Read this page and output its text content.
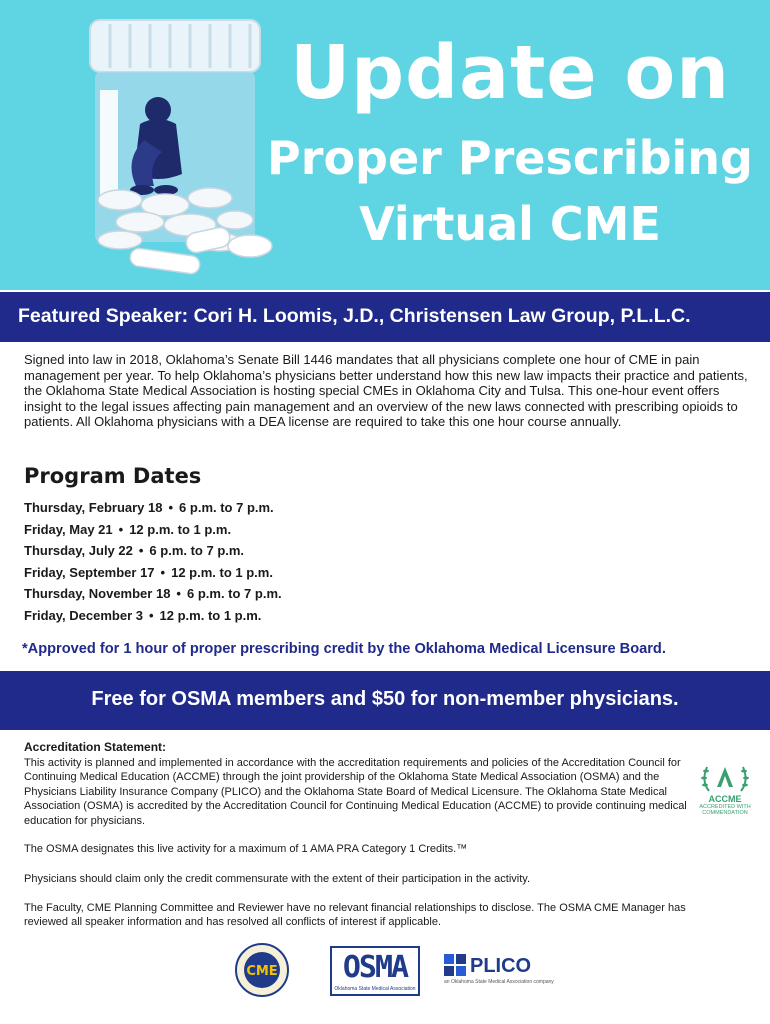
Update on
Proper Prescribing
Virtual CME
Featured Speaker: Cori H. Loomis, J.D., Christensen Law Group, P.L.L.C.

Signed into law in 2018, Oklahoma’s Senate Bill 1446 mandates that all physicians complete one hour of CME in pain management per year. To help Oklahoma’s physicians better understand how this new law impacts their practice and patients, the Oklahoma State Medical Association is hosting special CMEs in Oklahoma City and Tulsa. This one-hour event offers insight to the legal issues affecting pain management and an overview of the new laws connected with prescribing opioids to patients. All Oklahoma physicians with a DEA license are required to take this one hour course annually.

Program Dates
Thursday, February 18 • 6 p.m. to 7 p.m.
Friday, May 21 • 12 p.m. to 1 p.m.
Thursday, July 22 • 6 p.m. to 7 p.m.
Friday, September 17 • 12 p.m. to 1 p.m.
Thursday, November 18 • 6 p.m. to 7 p.m.
Friday, December 3 • 12 p.m. to 1 p.m.

*Approved for 1 hour of proper prescribing credit by the Oklahoma Medical Licensure Board.

Free for OSMA members and $50 for non-member physicians.
Accreditation Statement:

This activity is planned and implemented in accordance with the accreditation requirements and policies of the Accreditation Council for Continuing Medical Education (ACCME) through the joint providership of the Oklahoma State Medical Association (OSMA) and the Physicians Liability Insurance Company (PLICO) and the Oklahoma State Board of Medical Licensure. The Oklahoma State Medical Association (OSMA) is accredited by the Accreditation Council for Continuing Medical Education (ACCME) to provide continuing medical education for physicians.

The OSMA designates this live activity for a maximum of 1 AMA PRA Category 1 Credits.™

Physicians should claim only the credit commensurate with the extent of their participation in the activity.

The Faculty, CME Planning Committee and Reviewer have no relevant financial relationships to disclose. The OSMA CME Manager has reviewed all speaker information and has resolved all conflicts of interest if applicable.

ACCME
ACCREDITED WITH
COMMENDATION
CME	OSMA
Oklahoma State Medical Association
PLICO
an Oklahoma State Medical Association company
